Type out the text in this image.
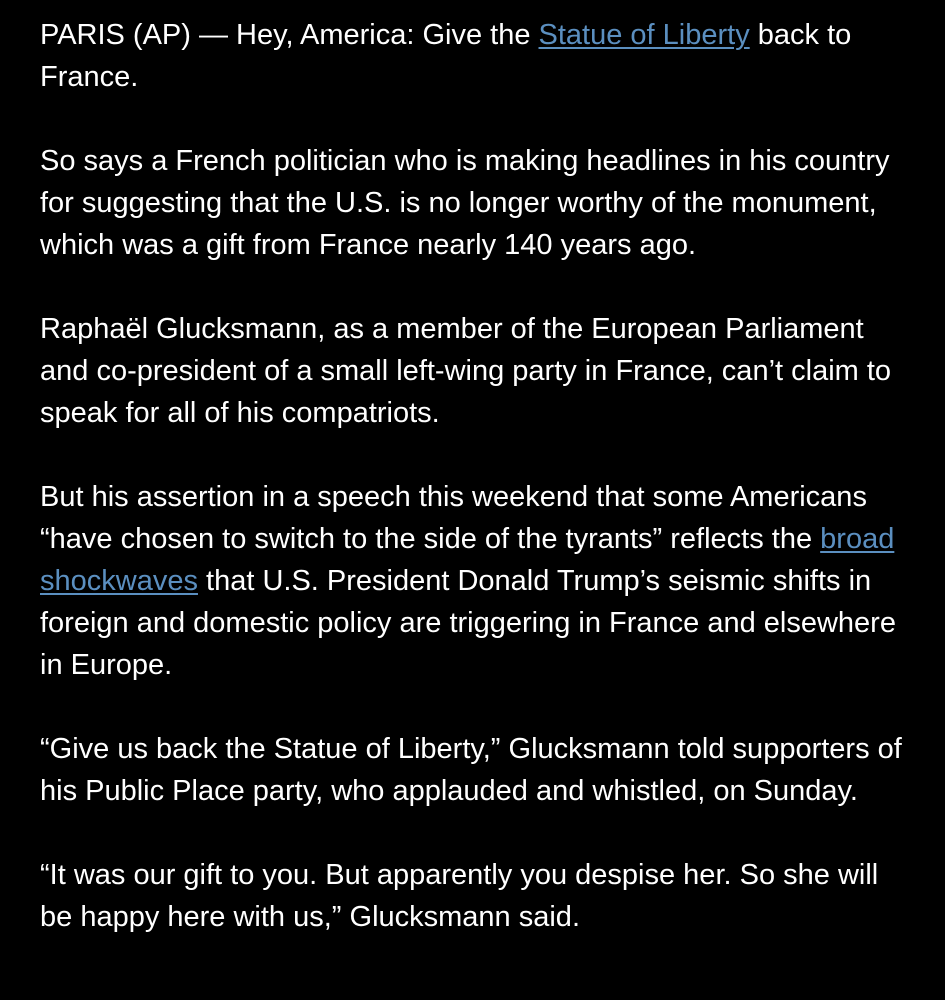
PARIS (AP) — Hey, America: Give the Statue of Liberty back to France.

So says a French politician who is making headlines in his country for suggesting that the U.S. is no longer worthy of the monument, which was a gift from France nearly 140 years ago.

Raphaël Glucksmann, as a member of the European Parliament and co-president of a small left-wing party in France, can’t claim to speak for all of his compatriots.

But his assertion in a speech this weekend that some Americans “have chosen to switch to the side of the tyrants” reflects the broad shockwaves that U.S. President Donald Trump’s seismic shifts in foreign and domestic policy are triggering in France and elsewhere in Europe.

“Give us back the Statue of Liberty,” Glucksmann told supporters of his Public Place party, who applauded and whistled, on Sunday.

“It was our gift to you. But apparently you despise her. So she will be happy here with us,” Glucksmann said.
